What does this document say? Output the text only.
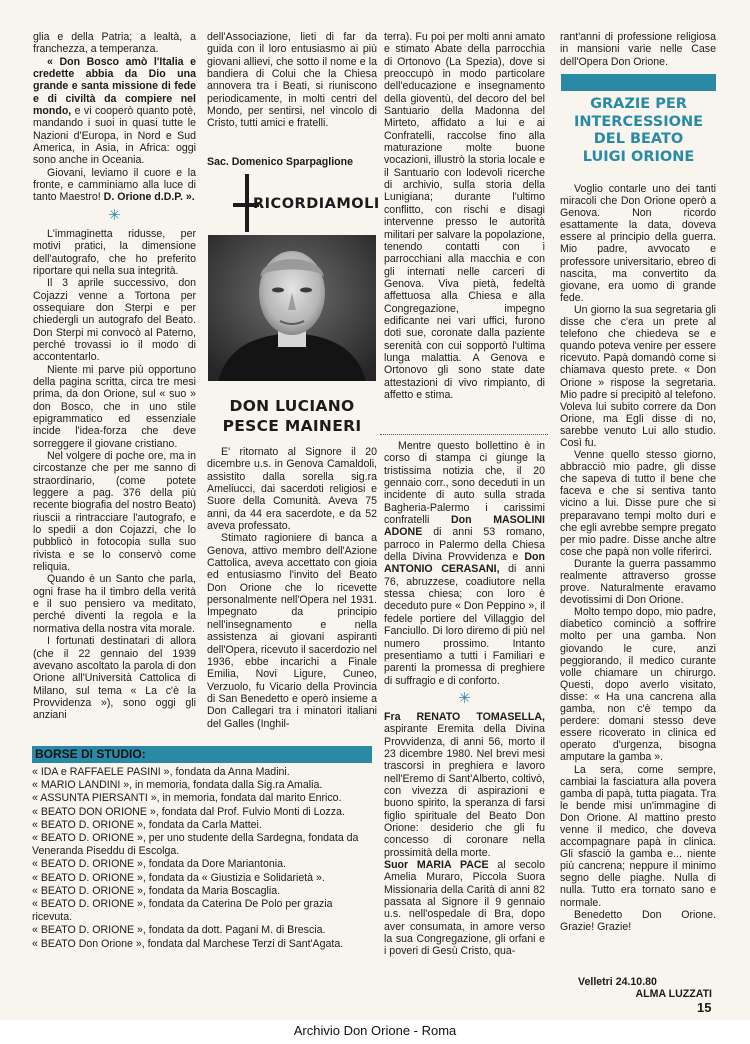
glia e della Patria; a lealtà, a franchezza, a temperanza.

« Don Bosco amò l'Italia e credette abbia da Dio una grande e santa missione di fede e di civiltà da compiere nel mondo, e vi cooperò quanto potè, mandando i suoi in quasi tutte le Nazioni d'Europa, in Nord e Sud America, in Asia, in Africa: oggi sono anche in Oceania.

Giovani, leviamo il cuore e la fronte, e camminiamo alla luce di tanto Maestro! D. Orione d.D.P. ».

✳

L'immaginetta ridusse, per motivi pratici, la dimensione dell'autografo, che ho preferito riportare qui nella sua integrità.

Il 3 aprile successivo, don Cojazzi venne a Tortona per ossequiare don Sterpi e per chiedergli un autografo del Beato. Don Sterpi mi convocò al Paterno, perché trovassi io il modo di accontentarlo.

Niente mi parve più opportuno della pagina scritta, circa tre mesi prima, da don Orione, sul « suo » don Bosco, che in uno stile epigrammatico ed essenziale incide l'idea-forza che deve sorreggere il giovane cristiano.

Nel volgere di poche ore, ma in circostanze che per me sanno di straordinario, (come potete leggere a pag. 376 della più recente biografia del nostro Beato) riuscii a rintracciare l'autografo, e lo spedii a don Cojazzi, che lo pubblicò in fotocopia sulla suo rivista e se lo conservò come reliquia.

Quando è un Santo che parla, ogni frase ha il timbro della verità e il suo pensiero va meditato, perché diventi la regola e la normativa della nostra vita morale.

I fortunati destinatari di allora (che il 22 gennaio del 1939 avevano ascoltato la parola di don Orione all'Università Cattolica di Milano, sul tema « La c'è la Provvidenza »), sono oggi gli anziani

dell'Associazione, lieti di far da guida con il loro entusiasmo ai più giovani allievi, che sotto il nome e la bandiera di Colui che la Chiesa annovera tra i Beati, si riuniscono periodicamente, in molti centri del Mondo, per sentirsi, nel vincolo di Cristo, tutti amici e fratelli.

Sac. Domenico Sparpaglione
RICORDIAMOLI
DON LUCIANO
PESCE MAINERI

E' ritornato al Signore il 20 dicembre u.s. in Genova Camaldoli, assistito dalla sorella sig.ra Ameliucci, dai sacerdoti religiosi e Suore della Comunità. Aveva 75 anni, da 44 era sacerdote, e da 52 aveva professato.

Stimato ragioniere di banca a Genova, attivo membro dell'Azione Cattolica, aveva accettato con gioia ed entusiasmo l'invito del Beato Don Orione che lo ricevette personalmente nell'Opera nel 1931. Impegnato da principio nell'insegnamento e nella assistenza ai giovani aspiranti dell'Opera, ricevuto il sacerdozio nel 1936, ebbe incarichi a Finale Emilia, Novi Ligure, Cuneo, Verzuolo, fu Vicario della Provincia di San Benedetto e operò insieme a Don Callegari tra i minatori italiani del Galles (Inghil-

terra). Fu poi per molti anni amato e stimato Abate della parrocchia di Ortonovo (La Spezia), dove si preoccupò in modo particolare dell'educazione e insegnamento della gioventù, del decoro del bel Santuario della Madonna del Mirteto, affidato a lui e ai Confratelli, raccolse fino alla maturazione molte buone vocazioni, illustrò la storia locale e il Santuario con lodevoli ricerche di archivio, sulla storia della Lunigiana; durante l'ultimo conflitto, con rischi e disagi intervenne presso le autorità militari per salvare la popolazione, tenendo contatti con i parrocchiani alla macchia e con gli internati nelle carceri di Genova. Viva pietà, fedeltà affettuosa alla Chiesa e alla Congregazione, impegno edificante nei vari uffici, furono doti sue, coronate dalla paziente serenità con cui sopportò l'ultima lunga malattia. A Genova e Ortonovo gli sono state date attestazioni di vivo rimpianto, di affetto e stima.

Mentre questo bollettino è in corso di stampa ci giunge la tristissima notizia che, il 20 gennaio corr., sono deceduti in un incidente di auto sulla strada Bagheria-Palermo i carissimi confratelli Don MASOLINI ADONE di anni 53 romano, parroco in Palermo della Chiesa della Divina Provvidenza e Don ANTONIO CERASANI, di anni 76, abruzzese, coadiutore nella stessa chiesa; con loro è deceduto pure « Don Peppino », il fedele portiere del Villaggio del Fanciullo. Di loro diremo di più nel numero prossimo. Intanto presentiamo a tutti i Familiari e parenti la promessa di preghiere di suffragio e di conforto.

✳

Fra RENATO TOMASELLA, aspirante Eremita della Divina Provvidenza, di anni 56, morto il 23 dicembre 1980. Nel brevi mesi trascorsi in preghiera e lavoro nell'Eremo di Sant'Alberto, coltivò, con vivezza di aspirazioni e buono spirito, la speranza di farsi figlio spirituale del Beato Don Orione: desiderio che gli fu concesso di coronare nella prossimità della morte.

Suor MARIA PACE al secolo Amelia Muraro, Piccola Suora Missionaria della Carità di anni 82 passata al Signore il 9 gennaio u.s. nell'ospedale di Bra, dopo aver consumata, in amore verso la sua Congregazione, gli orfani e i poveri di Gesù Cristo, qua-

rant'anni di professione religiosa in mansioni varie nelle Case dell'Opera Don Orione.

GRAZIE PER
INTERCESSIONE
DEL BEATO
LUIGI ORIONE

Voglio contarle uno dei tanti miracoli che Don Orione operò a Genova. Non ricordo esattamente la data, doveva essere al principio della guerra. Mio padre, avvocato e professore universitario, ebreo di nascita, ma convertito da giovane, era uomo di grande fede.

Un giorno la sua segretaria gli disse che c'era un prete al telefono che chiedeva se e quando poteva venire per essere ricevuto. Papà domandò come si chiamava questo prete. « Don Orione » rispose la segretaria. Mio padre si precipitò al telefono. Voleva lui subito correre da Don Orione, ma Egli disse di no, sarebbe venuto Lui allo studio. Così fu.

Venne quello stesso giorno, abbracciò mio padre, gli disse che sapeva di tutto il bene che faceva e che si sentiva tanto vicino a lui. Disse pure che si preparavano tempi molto duri e che egli avrebbe sempre pregato per mio padre. Disse anche altre cose che papà non volle riferirci.

Durante la guerra passammo realmente attraverso grosse prove. Naturalmente eravamo devotissimi di Don Orione.

Molto tempo dopo, mio padre, diabetico cominciò a soffrire molto per una gamba. Non giovando le cure, anzi peggiorando, il medico curante volle chiamare un chirurgo. Questi, dopo averlo visitato, disse: « Ha una cancrena alla gamba, non c'è tempo da perdere: domani stesso deve essere ricoverato in clinica ed operato d'urgenza, bisogna amputare la gamba ».

La sera, come sempre, cambiai la fasciatura alla povera gamba di papà, tutta piagata. Tra le bende misi un'immagine di Don Orione. Al mattino presto venne il medico, che doveva accompagnare papà in clinica. Gli sfasciò la gamba e... niente più cancrena; neppure il minimo segno delle piaghe. Nulla di nulla. Tutto era tornato sano e normale.

Benedetto Don Orione. Grazie! Grazie!

Velletri 24.10.80
ALMA LUZZATI
BORSE DI STUDIO:

« IDA e RAFFAELE PASINI », fondata da Anna Madini.

« MARIO LANDINI », in memoria, fondata dalla Sig.ra Amalia.

« ASSUNTA PIERSANTI », in memoria, fondata dal marito Enrico.

« BEATO DON ORIONE », fondata dal Prof. Fulvio Monti di Lozza.

« BEATO D. ORIONE », fondata da Carla Mattei.

« BEATO D. ORIONE », per uno studente della Sardegna, fondata da Veneranda Piseddu di Escolga.

« BEATO D. ORIONE », fondata da Dore Mariantonia.

« BEATO D. ORIONE », fondata da « Giustizia e Solidarietà ».

« BEATO D. ORIONE », fondata da Maria Boscaglia.

« BEATO D. ORIONE », fondata da Caterina De Polo per grazia ricevuta.

« BEATO D. ORIONE », fondata da dott. Pagani M. di Brescia.

« BEATO Don Orione », fondata dal Marchese Terzi di Sant'Agata.

15
Archivio Don Orione - Roma
